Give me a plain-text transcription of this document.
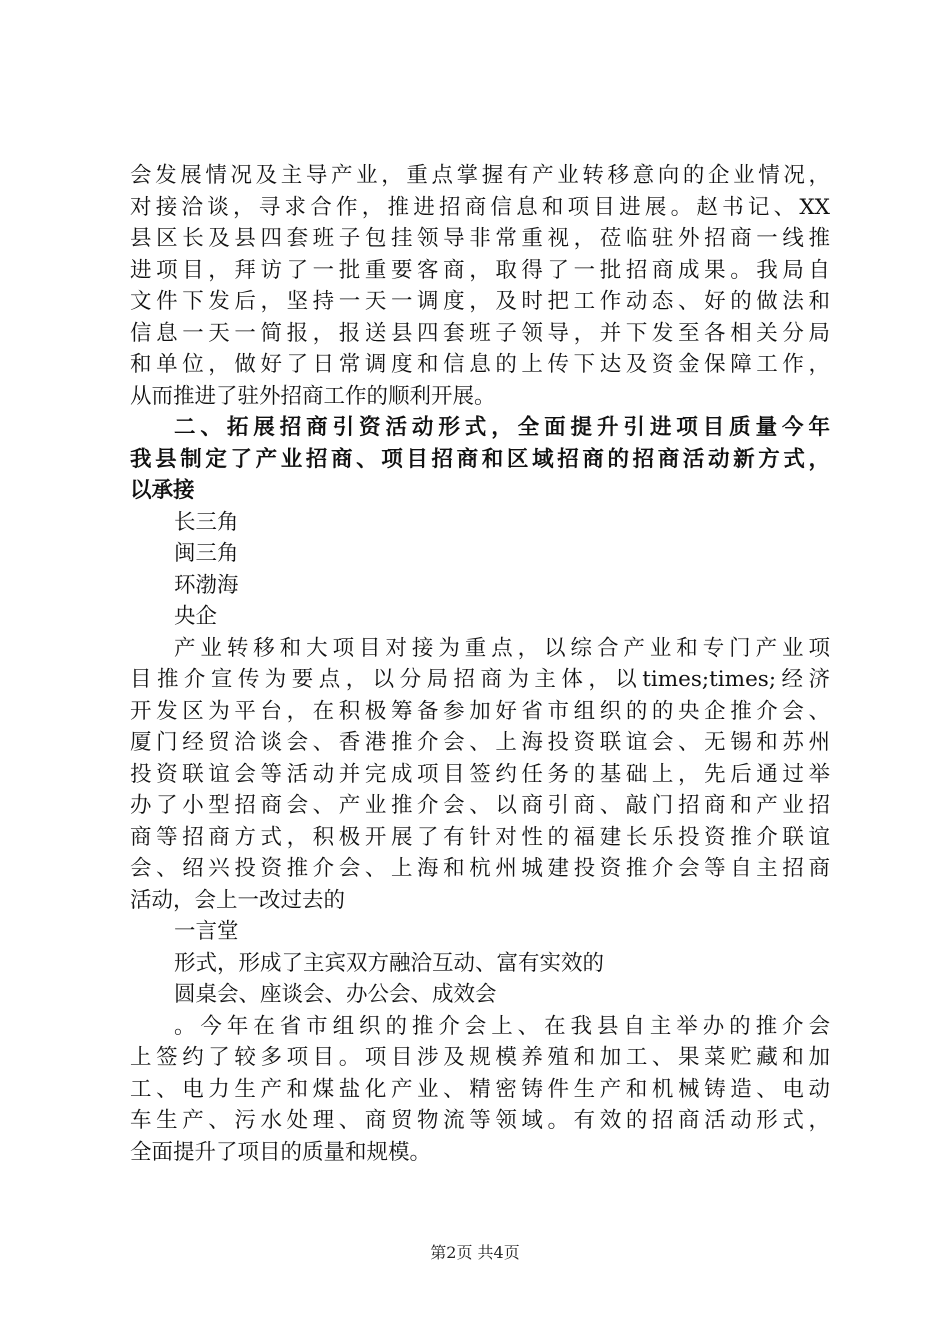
会发展情况及主导产业，重点掌握有产业转移意向的企业情况，
对接洽谈，寻求合作，推进招商信息和项目进展。赵书记、XX
县区长及县四套班子包挂领导非常重视，莅临驻外招商一线推
进项目，拜访了一批重要客商，取得了一批招商成果。我局自
文件下发后，坚持一天一调度，及时把工作动态、好的做法和
信息一天一简报，报送县四套班子领导，并下发至各相关分局
和单位，做好了日常调度和信息的上传下达及资金保障工作，
从而推进了驻外招商工作的顺利开展。
二、拓展招商引资活动形式，全面提升引进项目质量今年
我县制定了产业招商、项目招商和区域招商的招商活动新方式，
以承接
长三角
闽三角
环渤海
央企
产业转移和大项目对接为重点，以综合产业和专门产业项
目推介宣传为要点，以分局招商为主体，以times;times;经济
开发区为平台，在积极筹备参加好省市组织的的央企推介会、
厦门经贸洽谈会、香港推介会、上海投资联谊会、无锡和苏州
投资联谊会等活动并完成项目签约任务的基础上，先后通过举
办了小型招商会、产业推介会、以商引商、敲门招商和产业招
商等招商方式，积极开展了有针对性的福建长乐投资推介联谊
会、绍兴投资推介会、上海和杭州城建投资推介会等自主招商
活动，会上一改过去的
一言堂
形式，形成了主宾双方融洽互动、富有实效的
圆桌会、座谈会、办公会、成效会
。今年在省市组织的推介会上、在我县自主举办的推介会
上签约了较多项目。项目涉及规模养殖和加工、果菜贮藏和加
工、电力生产和煤盐化产业、精密铸件生产和机械铸造、电动
车生产、污水处理、商贸物流等领域。有效的招商活动形式，
全面提升了项目的质量和规模。
第2页 共4页
